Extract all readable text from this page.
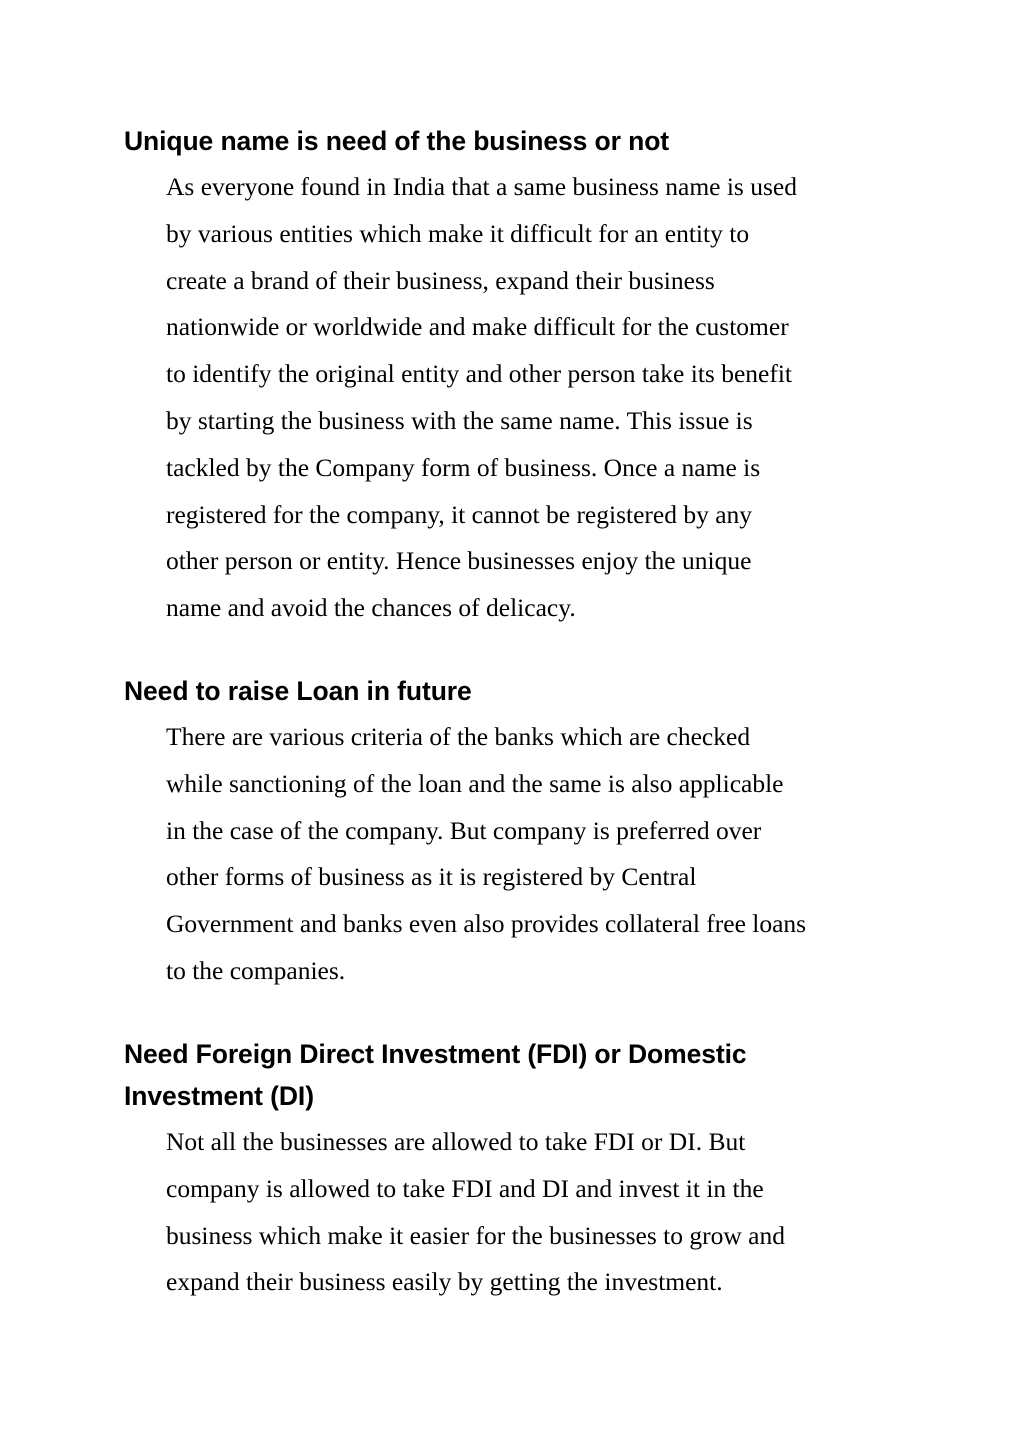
Unique name is need of the business or not
As everyone found in India that a same business name is used
by various entities which make it difficult for an entity to
create a brand of their business, expand their business
nationwide or worldwide and make difficult for the customer
to identify the original entity and other person take its benefit
by starting the business with the same name. This issue is
tackled by the Company form of business. Once a name is
registered for the company, it cannot be registered by any
other person or entity. Hence businesses enjoy the unique
name and avoid the chances of delicacy.
Need to raise Loan in future
There are various criteria of the banks which are checked
while sanctioning of the loan and the same is also applicable
in the case of the company. But company is preferred over
other forms of business as it is registered by Central
Government and banks even also provides collateral free loans
to the companies.
Need Foreign Direct Investment (FDI) or Domestic
Investment (DI)
Not all the businesses are allowed to take FDI or DI. But
company is allowed to take FDI and DI and invest it in the
business which make it easier for the businesses to grow and
expand their business easily by getting the investment.
